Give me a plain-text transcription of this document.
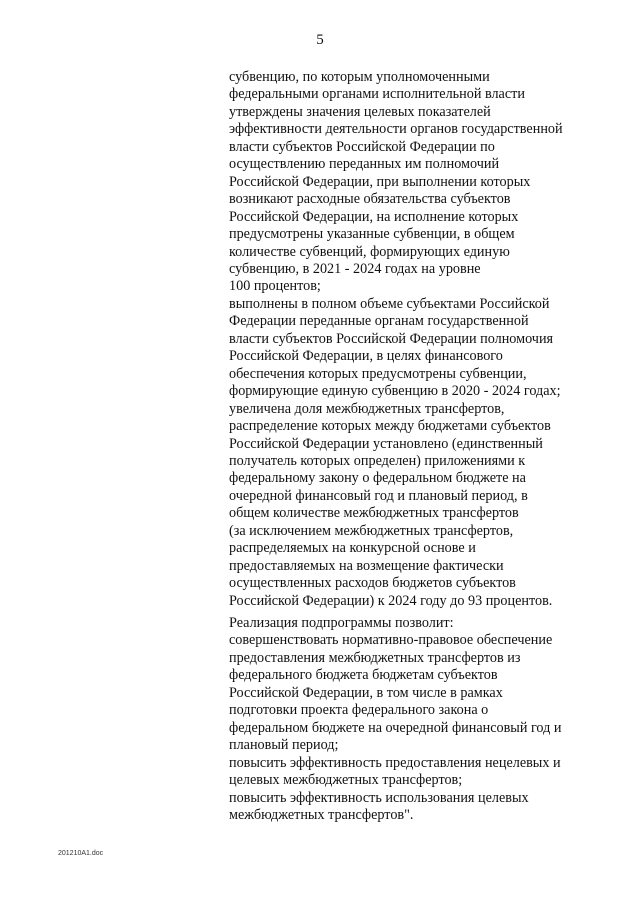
5
субвенцию, по которым уполномоченными
федеральными органами исполнительной власти
утверждены значения целевых показателей
эффективности деятельности органов государственной
власти субъектов Российской Федерации по
осуществлению переданных им полномочий
Российской Федерации, при выполнении которых
возникают расходные обязательства субъектов
Российской Федерации, на исполнение которых
предусмотрены указанные субвенции, в общем
количестве субвенций, формирующих единую
субвенцию, в 2021 - 2024 годах на уровне
100 процентов;
выполнены в полном объеме субъектами Российской
Федерации переданные органам государственной
власти субъектов Российской Федерации полномочия
Российской Федерации, в целях финансового
обеспечения которых предусмотрены субвенции,
формирующие единую субвенцию в 2020 - 2024 годах;
увеличена доля межбюджетных трансфертов,
распределение которых между бюджетами субъектов
Российской Федерации установлено (единственный
получатель которых определен) приложениями к
федеральному закону о федеральном бюджете на
очередной финансовый год и плановый период, в
общем количестве межбюджетных трансфертов
(за исключением межбюджетных трансфертов,
распределяемых на конкурсной основе и
предоставляемых на возмещение фактически
осуществленных расходов бюджетов субъектов
Российской Федерации) к 2024 году до 93 процентов.
Реализация подпрограммы позволит:
совершенствовать нормативно-правовое обеспечение
предоставления межбюджетных трансфертов из
федерального бюджета бюджетам субъектов
Российской Федерации, в том числе в рамках
подготовки проекта федерального закона о
федеральном бюджете на очередной финансовый год и
плановый период;
повысить эффективность предоставления нецелевых и
целевых межбюджетных трансфертов;
повысить эффективность использования целевых
межбюджетных трансфертов".
201210A1.doc
